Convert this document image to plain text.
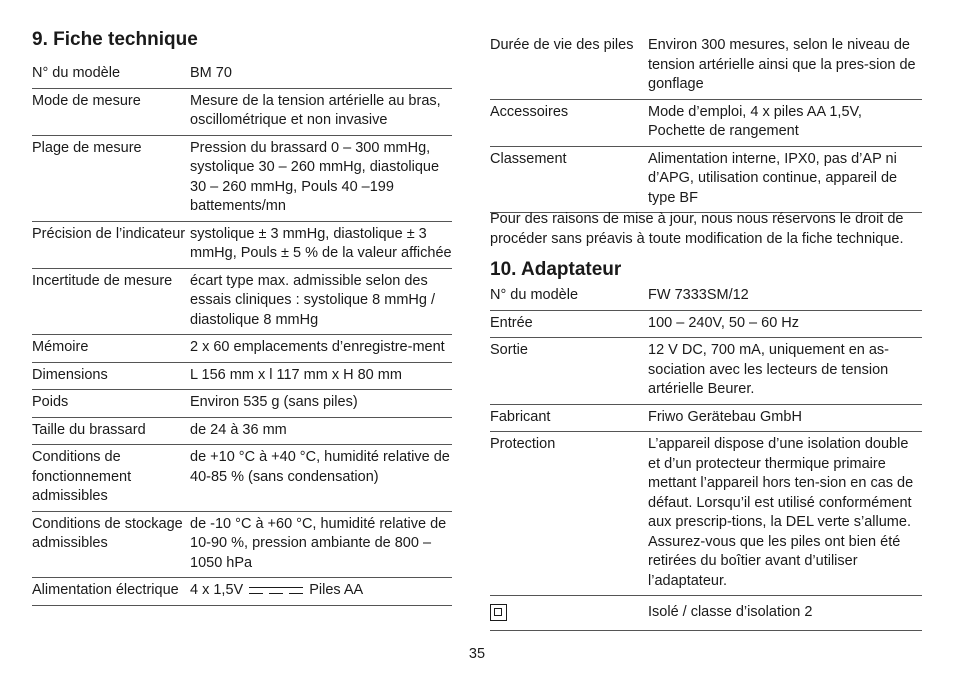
9. Fiche technique
N° du modèle	BM 70
Mode de mesure	Mesure de la tension artérielle au bras, oscillométrique et non invasive
Plage de mesure	Pression du brassard 0 – 300 mmHg, systolique 30 – 260 mmHg, diastolique 30 – 260 mmHg, Pouls 40 –199 battements/mn
Précision de l’indicateur	systolique ± 3 mmHg, diastolique ± 3 mmHg, Pouls ± 5 % de la valeur affichée
Incertitude de mesure	écart type max. admissible selon des essais cliniques : systolique 8 mmHg / diastolique 8 mmHg
Mémoire	2 x 60 emplacements d’enregistre-ment
Dimensions	L 156 mm x l 117 mm x H 80 mm
Poids	Environ 535 g (sans piles)
Taille du brassard	de 24 à 36 mm
Conditions de fonctionnement admissibles	de +10 °C à +40 °C, humidité relative de 40-85 % (sans condensation)
Conditions de stockage admissibles	de -10 °C à +60 °C, humidité relative de 10-90 %, pression ambiante de 800 –1050 hPa
Alimentation électrique	4 x 1,5V Piles AA
Durée de vie des piles	Environ 300 mesures, selon le niveau de tension artérielle ainsi que la pres-sion de gonflage
Accessoires	Mode d’emploi, 4 x piles AA 1,5V, Pochette de rangement
Classement	Alimentation interne, IPX0, pas d’AP ni d’APG, utilisation continue, appareil de type BF
Pour des raisons de mise à jour, nous nous réservons le droit de procéder sans préavis à toute modification de la fiche technique.
10. Adaptateur
N° du modèle	FW 7333SM/12
Entrée	100 – 240V, 50 – 60 Hz
Sortie	12 V DC, 700 mA, uniquement en as-sociation avec les lecteurs de tension artérielle Beurer.
Fabricant	Friwo Gerätebau GmbH
Protection	L’appareil dispose d’une isolation double et d’un protecteur thermique primaire mettant l’appareil hors ten-sion en cas de défaut. Lorsqu’il est utilisé conformément aux prescrip-tions, la DEL verte s’allume. Assurez-vous que les piles ont bien été retirées du boîtier avant d’utiliser l’adaptateur.

	Isolé / classe d’isolation 2
35
